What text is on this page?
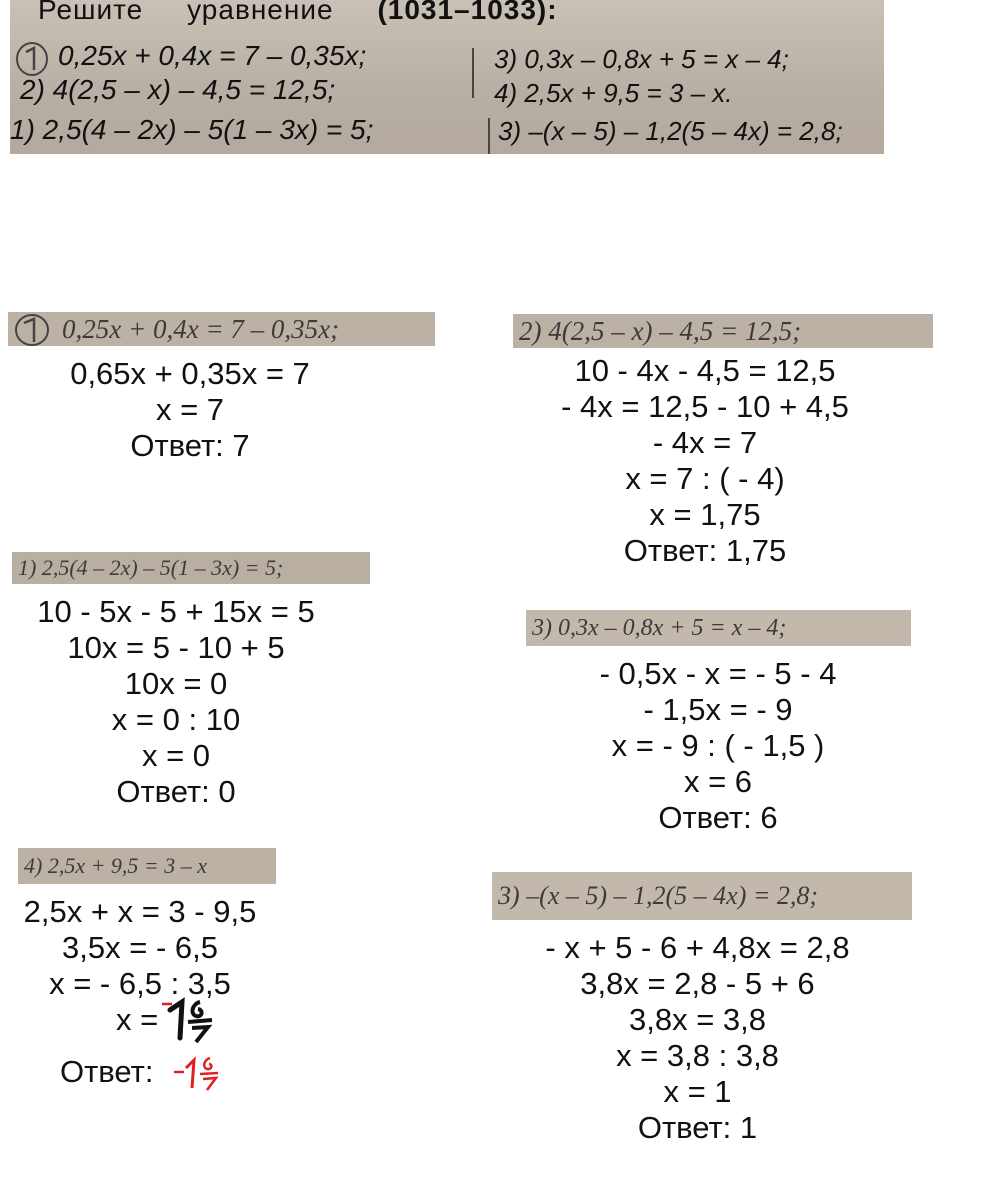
Решите уравнение (1031–1033):
0,25x + 0,4x = 7 – 0,35x;	3) 0,3x – 0,8x + 5 = x – 4;
2) 4(2,5 – x) – 4,5 = 12,5;	4) 2,5x + 9,5 = 3 – x.
1) 2,5(4 – 2x) – 5(1 – 3x) = 5;	3) –(x – 5) – 1,2(5 – 4x) = 2,8;
0,25x + 0,4x = 7 – 0,35x;
0,65x + 0,35x = 7
x = 7
Ответ: 7
2) 4(2,5 – x) – 4,5 = 12,5;
10 - 4x - 4,5 = 12,5
- 4x = 12,5 - 10 + 4,5
- 4x = 7
x = 7 : ( - 4)
x = 1,75
Ответ: 1,75
1) 2,5(4 – 2x) – 5(1 – 3x) = 5;
10 - 5x - 5 + 15x = 5
10x = 5 - 10 + 5
10x = 0
x = 0 : 10
x = 0
Ответ: 0
3) 0,3x – 0,8x + 5 = x – 4;
- 0,5x - x = - 5 - 4
- 1,5x = - 9
x = - 9 : ( - 1,5 )
x = 6
Ответ: 6
4) 2,5x + 9,5 = 3 – x
2,5x + x = 3 - 9,5
3,5x = - 6,5
x = - 6,5 : 3,5
x =
Ответ:
3) –(x – 5) – 1,2(5 – 4x) = 2,8;
- x + 5 - 6 + 4,8x = 2,8
3,8x = 2,8 - 5 + 6
3,8x = 3,8
x = 3,8 : 3,8
x = 1
Ответ: 1
